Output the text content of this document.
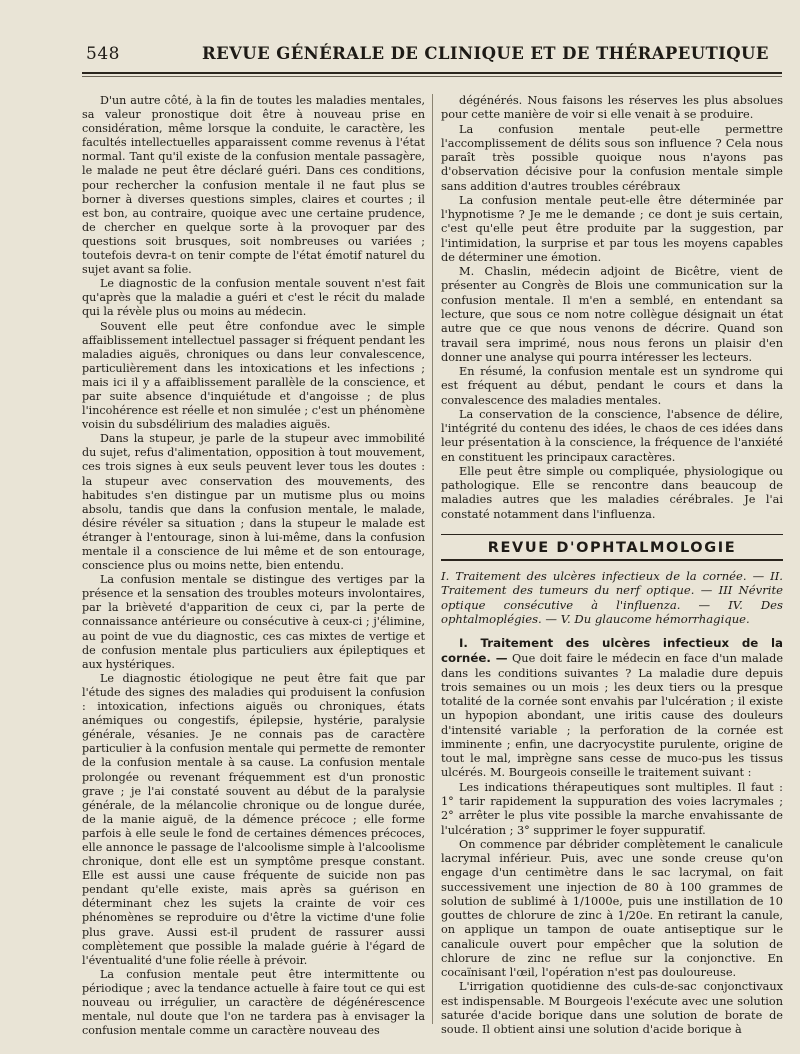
548	REVUE GÉNÉRALE DE CLINIQUE ET DE THÉRAPEUTIQUE

D'un autre côté, à la fin de toutes les maladies mentales, sa valeur pronostique doit être à nouveau prise en considération, même lorsque la conduite, le caractère, les facultés intellectuelles apparaissent comme revenus à l'état normal. Tant qu'il existe de la confusion mentale passagère, le malade ne peut être déclaré guéri. Dans ces conditions, pour rechercher la confusion mentale il ne faut plus se borner à diverses questions simples, claires et courtes ; il est bon, au contraire, quoique avec une certaine prudence, de chercher en quelque sorte à la provoquer par des questions soit brusques, soit nombreuses ou variées ; toutefois devra-t on tenir compte de l'état émotif naturel du sujet avant sa folie.

Le diagnostic de la confusion mentale souvent n'est fait qu'après que la maladie a guéri et c'est le récit du malade qui la révèle plus ou moins au médecin.

Souvent elle peut être confondue avec le simple affaiblissement intellectuel passager si fréquent pendant les maladies aiguës, chroniques ou dans leur convalescence, particulièrement dans les intoxications et les infections ; mais ici il y a affaiblissement parallèle de la conscience, et par suite absence d'inquiétude et d'angoisse ; de plus l'incohérence est réelle et non simulée ; c'est un phénomène voisin du subsdélirium des maladies aiguës.

Dans la stupeur, je parle de la stupeur avec immobilité du sujet, refus d'alimentation, opposition à tout mouvement, ces trois signes à eux seuls peuvent lever tous les doutes : la stupeur avec conservation des mouvements, des habitudes s'en distingue par un mutisme plus ou moins absolu, tandis que dans la confusion mentale, le malade, désire révéler sa situation ; dans la stupeur le malade est étranger à l'entourage, sinon à lui-même, dans la confusion mentale il a conscience de lui même et de son entourage, conscience plus ou moins nette, bien entendu.

La confusion mentale se distingue des vertiges par la présence et la sensation des troubles moteurs involontaires, par la brièveté d'apparition de ceux ci, par la perte de connaissance antérieure ou consécutive à ceux-ci ; j'élimine, au point de vue du diagnostic, ces cas mixtes de vertige et de confusion mentale plus particuliers aux épileptiques et aux hystériques.

Le diagnostic étiologique ne peut être fait que par l'étude des signes des maladies qui produisent la confusion : intoxication, infections aiguës ou chroniques, états anémiques ou congestifs, épilepsie, hystérie, paralysie générale, vésanies. Je ne connais pas de caractère particulier à la confusion mentale qui permette de remonter de la confusion mentale à sa cause. La confusion mentale prolongée ou revenant fréquemment est d'un pronostic grave ; je l'ai constaté souvent au début de la paralysie générale, de la mélancolie chronique ou de longue durée, de la manie aiguë, de la démence précoce ; elle forme parfois à elle seule le fond de certaines démences précoces, elle annonce le passage de l'alcoolisme simple à l'alcoolisme chronique, dont elle est un symptôme presque constant. Elle est aussi une cause fréquente de suicide non pas pendant qu'elle existe, mais après sa guérison en déterminant chez les sujets la crainte de voir ces phénomènes se reproduire ou d'être la victime d'une folie plus grave. Aussi est-il prudent de rassurer aussi complètement que possible la malade guérie à l'égard de l'éventualité d'une folie réelle à prévoir.

La confusion mentale peut être intermittente ou périodique ; avec la tendance actuelle à faire tout ce qui est nouveau ou irrégulier, un caractère de dégénérescence mentale, nul doute que l'on ne tardera pas à envisager la confusion mentale comme un caractère nouveau des

dégénérés. Nous faisons les réserves les plus absolues pour cette manière de voir si elle venait à se produire.

La confusion mentale peut-elle permettre l'accomplissement de délits sous son influence ? Cela nous paraît très possible quoique nous n'ayons pas d'observation décisive pour la confusion mentale simple sans addition d'autres troubles cérébraux

La confusion mentale peut-elle être déterminée par l'hypnotisme ? Je me le demande ; ce dont je suis certain, c'est qu'elle peut être produite par la suggestion, par l'intimidation, la surprise et par tous les moyens capables de déterminer une émotion.

M. Chaslin, médecin adjoint de Bicêtre, vient de présenter au Congrès de Blois une communication sur la confusion mentale. Il m'en a semblé, en entendant sa lecture, que sous ce nom notre collègue désignait un état autre que ce que nous venons de décrire. Quand son travail sera imprimé, nous nous ferons un plaisir d'en donner une analyse qui pourra intéresser les lecteurs.

En résumé, la confusion mentale est un syndrome qui est fréquent au début, pendant le cours et dans la convalescence des maladies mentales.

La conservation de la conscience, l'absence de délire, l'intégrité du contenu des idées, le chaos de ces idées dans leur présentation à la conscience, la fréquence de l'anxiété en constituent les principaux caractères.

Elle peut être simple ou compliquée, physiologique ou pathologique. Elle se rencontre dans beaucoup de maladies autres que les maladies cérébrales. Je l'ai constaté notamment dans l'influenza.

REVUE D'OPHTALMOLOGIE

I. Traitement des ulcères infectieux de la cornée. — II. Traitement des tumeurs du nerf optique. — III Névrite optique consécutive à l'influenza. — IV. Des ophtalmoplégies. — V. Du glaucome hémorrhagique.

I. Traitement des ulcères infectieux de la cornée. — Que doit faire le médecin en face d'un malade dans les conditions suivantes ? La maladie dure depuis trois semaines ou un mois ; les deux tiers ou la presque totalité de la cornée sont envahis par l'ulcération ; il existe un hypopion abondant, une iritis cause des douleurs d'intensité variable ; la perforation de la cornée est imminente ; enfin, une dacryocystite purulente, origine de tout le mal, imprègne sans cesse de muco-pus les tissus ulcérés. M. Bourgeois conseille le traitement suivant :

Les indications thérapeutiques sont multiples. Il faut : 1° tarir rapidement la suppuration des voies lacrymales ; 2° arrêter le plus vite possible la marche envahissante de l'ulcération ; 3° supprimer le foyer suppuratif.

On commence par débrider complètement le canalicule lacrymal inférieur. Puis, avec une sonde creuse qu'on engage d'un centimètre dans le sac lacrymal, on fait successivement une injection de 80 à 100 grammes de solution de sublimé à 1/1000e, puis une instillation de 10 gouttes de chlorure de zinc à 1/20e. En retirant la canule, on applique un tampon de ouate antiseptique sur le canalicule ouvert pour empêcher que la solution de chlorure de zinc ne reflue sur la conjonctive. En cocaïnisant l'œil, l'opération n'est pas douloureuse.

L'irrigation quotidienne des culs-de-sac conjonctivaux est indispensable. M Bourgeois l'exécute avec une solution saturée d'acide borique dans une solution de borate de soude. Il obtient ainsi une solution d'acide borique à
